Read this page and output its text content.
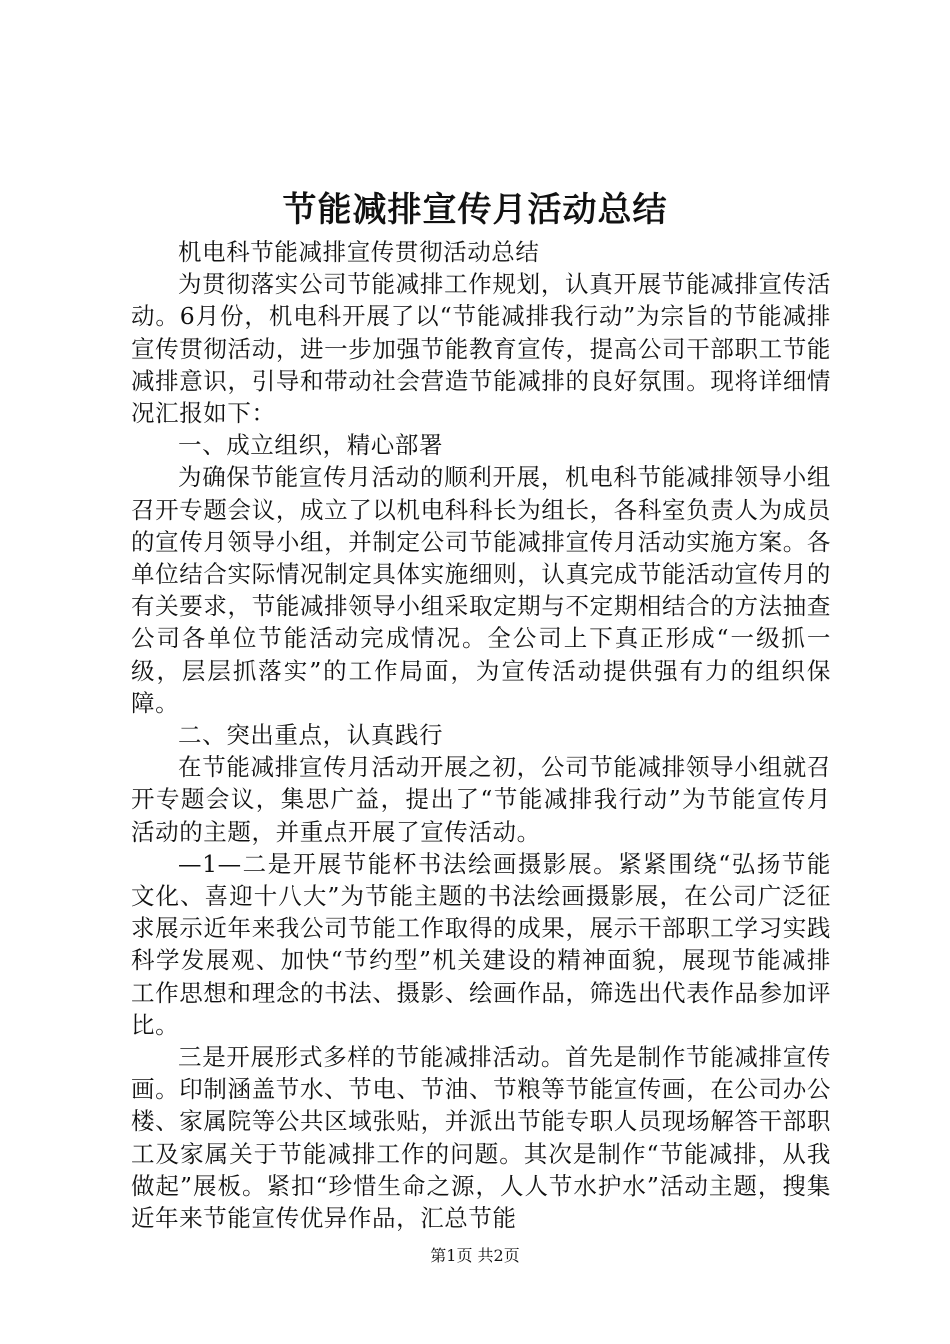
节能减排宣传月活动总结

机电科节能减排宣传贯彻活动总结

为贯彻落实公司节能减排工作规划，认真开展节能减排宣传活动。6月份，机电科开展了以“节能减排我行动”为宗旨的节能减排宣传贯彻活动，进一步加强节能教育宣传，提高公司干部职工节能减排意识，引导和带动社会营造节能减排的良好氛围。现将详细情况汇报如下：

一、成立组织，精心部署

为确保节能宣传月活动的顺利开展，机电科节能减排领导小组召开专题会议，成立了以机电科科长为组长，各科室负责人为成员的宣传月领导小组，并制定公司节能减排宣传月活动实施方案。各单位结合实际情况制定具体实施细则，认真完成节能活动宣传月的有关要求，节能减排领导小组采取定期与不定期相结合的方法抽查公司各单位节能活动完成情况。全公司上下真正形成“一级抓一级，层层抓落实”的工作局面，为宣传活动提供强有力的组织保障。

二、突出重点，认真践行

在节能减排宣传月活动开展之初，公司节能减排领导小组就召开专题会议，集思广益，提出了“节能减排我行动”为节能宣传月活动的主题，并重点开展了宣传活动。

—1—二是开展节能杯书法绘画摄影展。紧紧围绕“弘扬节能文化、喜迎十八大”为节能主题的书法绘画摄影展，在公司广泛征求展示近年来我公司节能工作取得的成果，展示干部职工学习实践科学发展观、加快“节约型”机关建设的精神面貌，展现节能减排工作思想和理念的书法、摄影、绘画作品，筛选出代表作品参加评比。

三是开展形式多样的节能减排活动。首先是制作节能减排宣传画。印制涵盖节水、节电、节油、节粮等节能宣传画，在公司办公楼、家属院等公共区域张贴，并派出节能专职人员现场解答干部职工及家属关于节能减排工作的问题。其次是制作“节能减排，从我做起”展板。紧扣“珍惜生命之源，人人节水护水”活动主题，搜集近年来节能宣传优异作品，汇总节能

第1页 共2页
